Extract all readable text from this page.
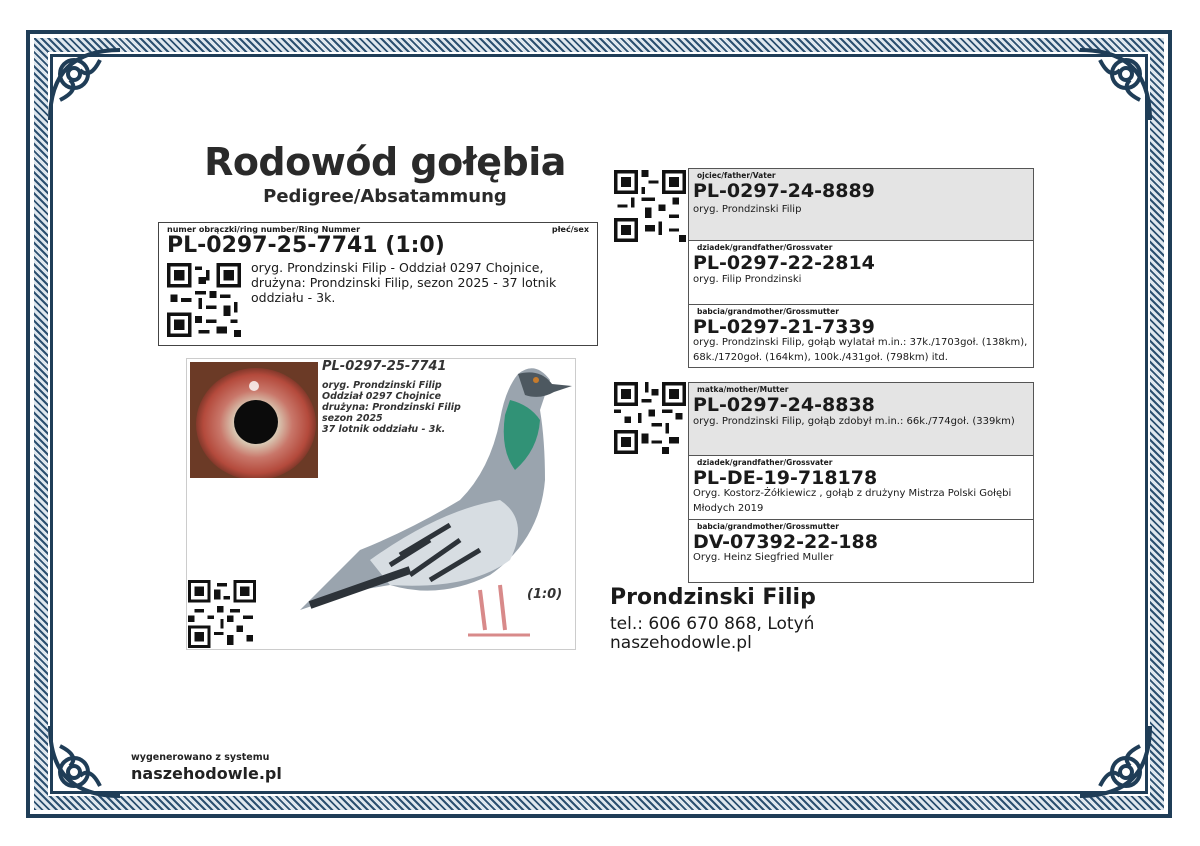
Rodowód gołębia
Pedigree/Absatammung
numer obrączki/ring number/Ring Nummer	płeć/sex
PL-0297-25-7741 (1:0)
oryg. Prondzinski Filip - Oddział 0297 Chojnice, drużyna: Prondzinski Filip, sezon 2025 - 37 lotnik oddziału - 3k.
PL-0297-25-7741
oryg. Prondzinski Filip
Oddział 0297 Chojnice
drużyna: Prondzinski Filip
sezon 2025
37 lotnik oddziału - 3k.
(1:0)
ojciec/father/Vater
PL-0297-24-8889
oryg. Prondzinski Filip
dziadek/grandfather/Grossvater
PL-0297-22-2814
oryg. Filip Prondzinski
babcia/grandmother/Grossmutter
PL-0297-21-7339
oryg. Prondzinski Filip, gołąb wylatał m.in.: 37k./1703goł. (138km), 68k./1720goł. (164km), 100k./431goł. (798km) itd.
matka/mother/Mutter
PL-0297-24-8838
oryg. Prondzinski Filip, gołąb zdobył m.in.: 66k./774goł. (339km)
dziadek/grandfather/Grossvater
PL-DE-19-718178
Oryg. Kostorz-Żółkiewicz , gołąb z drużyny Mistrza Polski Gołębi Młodych 2019
babcia/grandmother/Grossmutter
DV-07392-22-188
Oryg. Heinz Siegfried Muller
Prondzinski Filip
tel.: 606 670 868, Lotyń
naszehodowle.pl
wygenerowano z systemu
naszehodowle.pl
